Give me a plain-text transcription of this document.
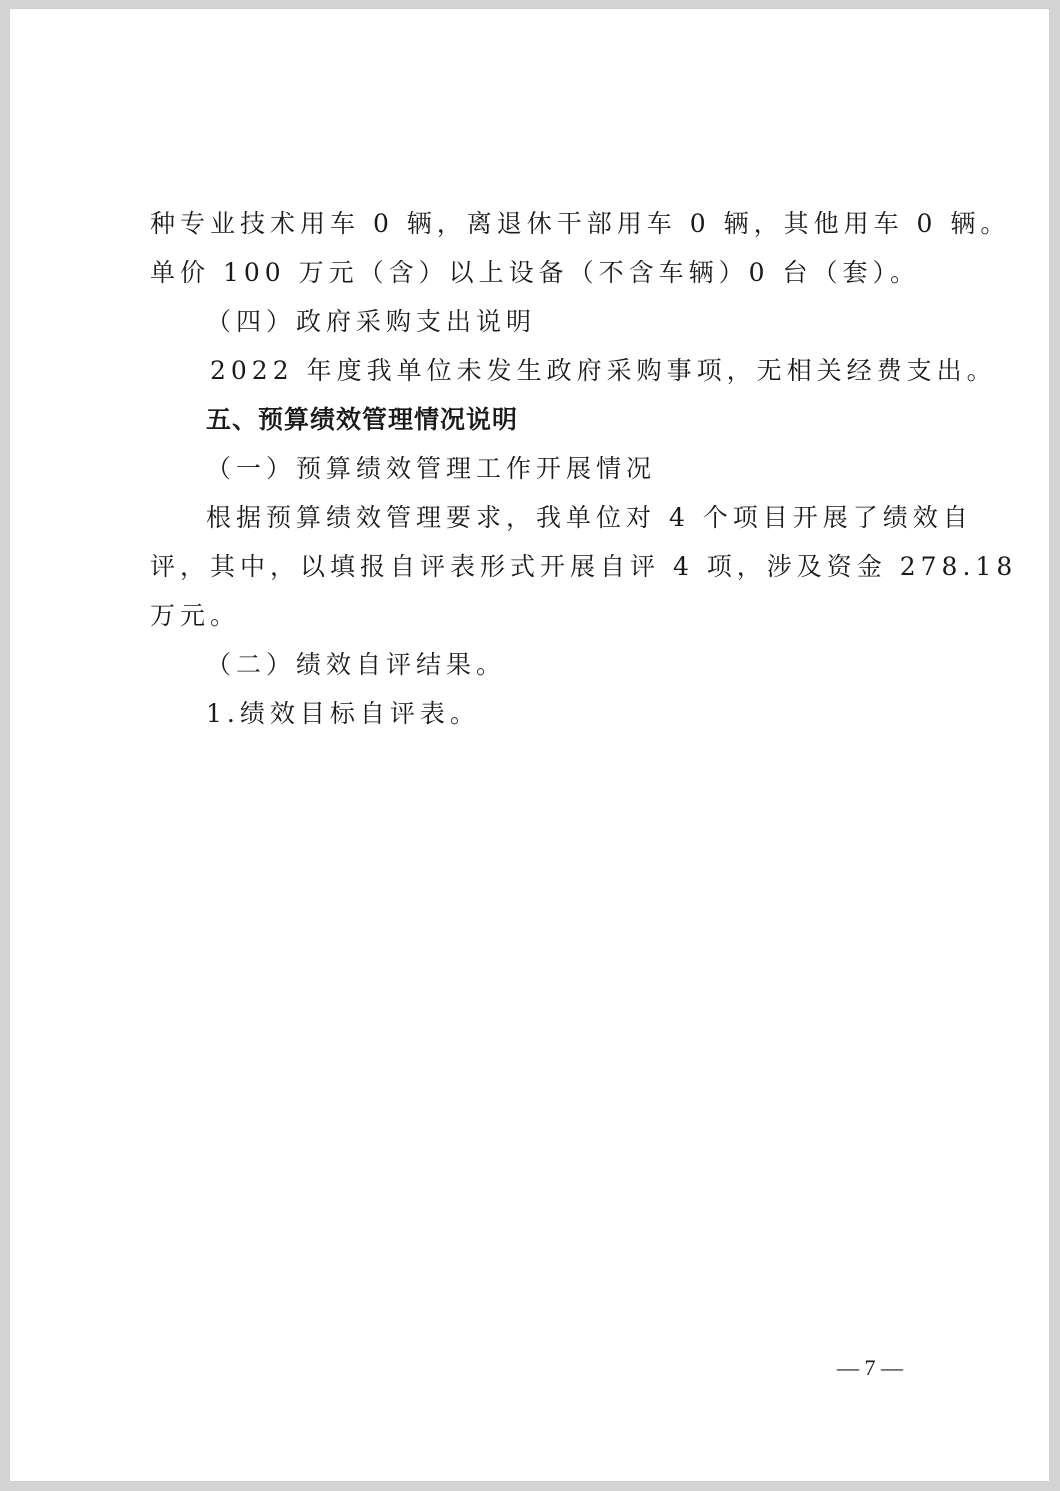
种专业技术用车 0 辆，离退休干部用车 0 辆，其他用车 0 辆。
单价 100 万元（含）以上设备（不含车辆）0 台（套）。
（四）政府采购支出说明
2022 年度我单位未发生政府采购事项，无相关经费支出。
五、预算绩效管理情况说明
（一）预算绩效管理工作开展情况
根据预算绩效管理要求，我单位对 4 个项目开展了绩效自
评，其中，以填报自评表形式开展自评 4 项，涉及资金 278.18
万元。
（二）绩效自评结果。
1.绩效目标自评表。
— 7 —
